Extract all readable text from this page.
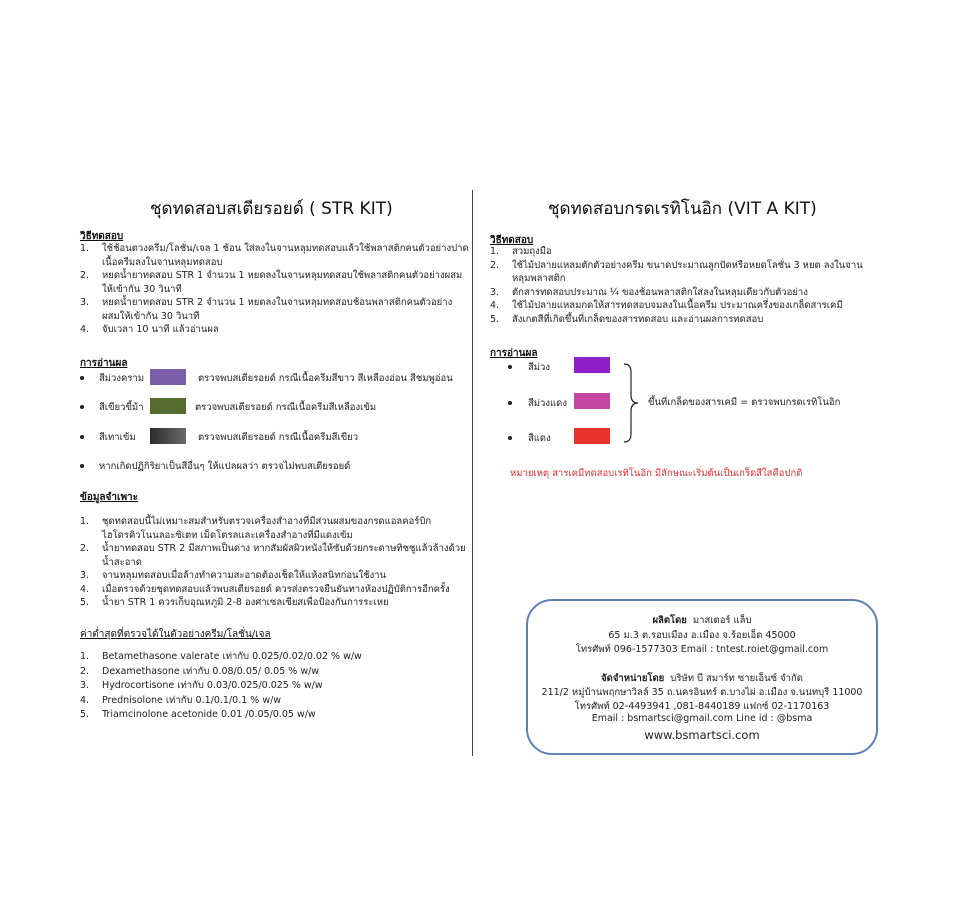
ชุดทดสอบสเตียรอยด์ ( STR KIT)
วิธีทดสอบ
1. ใช้ช้อนตวงครีม/โลชั่น/เจล 1 ช้อน ใส่ลงในจานหลุมทดสอบแล้วใช้พลาสติกคนตัวอย่างปาด
เนื้อครีมลงในจานหลุมทดสอบ
2. หยดน้ำยาทดสอบ STR 1 จำนวน 1 หยดลงในจานหลุมทดสอบใช้พลาสติกคนตัวอย่างผสม
ให้เข้ากัน 30 วินาที
3. หยดน้ำยาทดสอบ STR 2 จำนวน 1 หยดลงในจานหลุมทดสอบช้อนพลาสติกคนตัวอย่าง
ผสมให้เข้ากัน 30 วินาที
4. จับเวลา 10 นาที แล้วอ่านผล
การอ่านผล
สีม่วงคราม	ตรวจพบสเตียรอยด์ กรณีเนื้อครีมสีขาว สีเหลืองอ่อน สีชมพูอ่อน
สีเขียวขี้ม้า	ตรวจพบสเตียรอยด์ กรณีเนื้อครีมสีเหลืองเข้ม
สีเทาเข้ม	ตรวจพบสเตียรอยด์ กรณีเนื้อครีมสีเขียว
หากเกิดปฏิกิริยาเป็นสีอื่นๆ ให้แปลผลว่า ตรวจไม่พบสเตียรอยด์
ข้อมูลจำเพาะ
1. ชุดทดสอบนี้ไม่เหมาะสมสำหรับตรวจเครื่องสำอางที่มีส่วนผสมของกรดแอลคอร์บิก
ไฮโดรคิวโนนลอะซิเตท เม็ดโตรลและเครื่องสำอางที่มีแดงเข้ม
2. น้ำยาทดสอบ STR 2 มีสภาพเป็นด่าง หากสัมผัสผิวหนังให้ซับด้วยกระดาษทิชชูแล้วล้างด้วย
น้ำสะอาด
3. จานหลุมทดสอบเมื่อล้างทำความสะอาดต้องเช็ดให้แห้งสนิทก่อนใช้งาน
4. เมื่อตรวจด้วยชุดทดสอบแล้วพบสเตียรอยด์ ควรส่งตรวจยืนยันทางห้องปฏิบัติการอีกครั้ง
5. น้ำยา STR 1 ควรเก็บอุณหภูมิ 2-8 องศาเซลเซียสเพื่อป้องกันการระเหย
ค่าต่ำสุดที่ตรวจได้ในตัวอย่างครีม/โลชั่น/เจล
1. Betamethasone valerate เท่ากับ 0.025/0.02/0.02 % w/w
2. Dexamethasone เท่ากับ 0.08/0.05/ 0.05 % w/w
3. Hydrocortisone เท่ากับ 0.03/0.025/0.025 % w/w
4. Prednisolone เท่ากับ 0.1/0.1/0.1 % w/w
5. Triamcinolone acetonide 0.01 /0.05/0.05 w/w
ชุดทดสอบกรดเรทิโนอิก (VIT A KIT)
วิธีทดสอบ
1. สวมถุงมือ
2. ใช้ไม้ปลายแหลมตักตัวอย่างครีม ขนาดประมาณลูกปัดหรือหยดโลชั่น 3 หยด ลงในจาน
หลุมพลาสติก
3. ตักสารทดสอบประมาณ ¼ ของช้อนพลาสติกใส่ลงในหลุมเดียวกับตัวอย่าง
4. ใช้ไม้ปลายแหลมกดให้สารทดสอบจมลงในเนื้อครีม ประมาณครึ่งของเกล็ดสารเคมี
5. สังเกตสีที่เกิดขึ้นที่เกล็ดของสารทดสอบ และอ่านผลการทดสอบ
การอ่านผล
สีม่วง
สีม่วงแดง
สีแดง
ขึ้นที่เกล็ดของสารเคมี = ตรวจพบกรดเรทิโนอิก
หมายเหตุ สารเคมีทดสอบเรทิโนอิก มีลักษณะเริ่มต้นเป็นเกร็ดสีใสคือปกติ
ผลิตโดย มาสเตอร์ แล็บ
65 ม.3 ต.รอบเมือง อ.เมือง จ.ร้อยเอ็ด 45000
โทรศัพท์ 096-1577303 Email : tntest.roiet@gmail.com
จัดจำหน่ายโดย บริษัท บี สมาร์ท ซายเอ็นซ์ จำกัด
211/2 หมู่บ้านพฤกษาวิลล์ 35 ถ.นครอินทร์ ต.บางไผ่ อ.เมือง จ.นนทบุรี 11000
โทรศัพท์ 02-4493941 ,081-8440189 แฟกซ์ 02-1170163
Email : bsmartsci@gmail.com Line id : @bsma
www.bsmartsci.com
